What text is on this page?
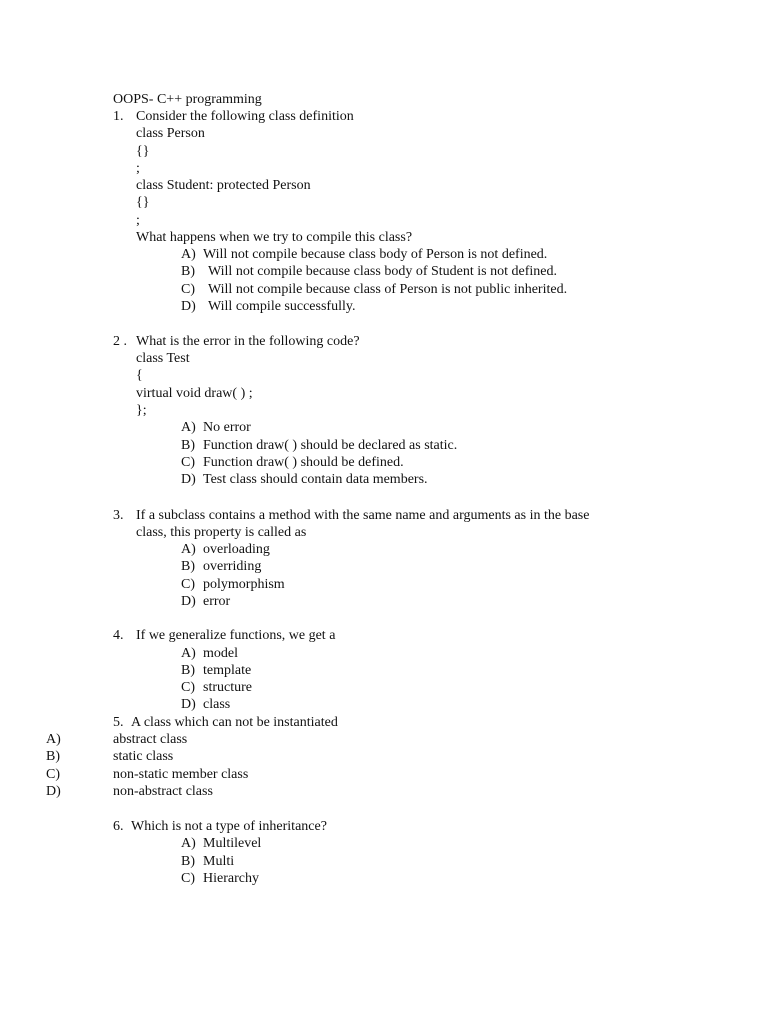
OOPS- C++ programming
1. Consider the following class definition
class Person
{}
;
class Student: protected Person
{}
;
What happens when we try to compile this class?
A) Will not compile because class body of Person is not defined.
B) Will not compile because class body of Student is not defined.
C) Will not compile because class of Person is not public inherited.
D) Will compile successfully.
2 . What is the error in the following code?
class Test
{
virtual void draw( ) ;
};
A) No error
B) Function draw( ) should be declared as static.
C) Function draw( ) should be defined.
D) Test class should contain data members.
3. If a subclass contains a method with the same name and arguments as in the base
class, this property is called as
A) overloading
B) overriding
C) polymorphism
D) error
4. If we generalize functions, we get a
A) model
B) template
C) structure
D) class
5. A class which can not be instantiated
A)	abstract class
B)	static class
C)	non-static member class
D)	non-abstract class
6. Which is not a type of inheritance?
A) Multilevel
B) Multi
C) Hierarchy
